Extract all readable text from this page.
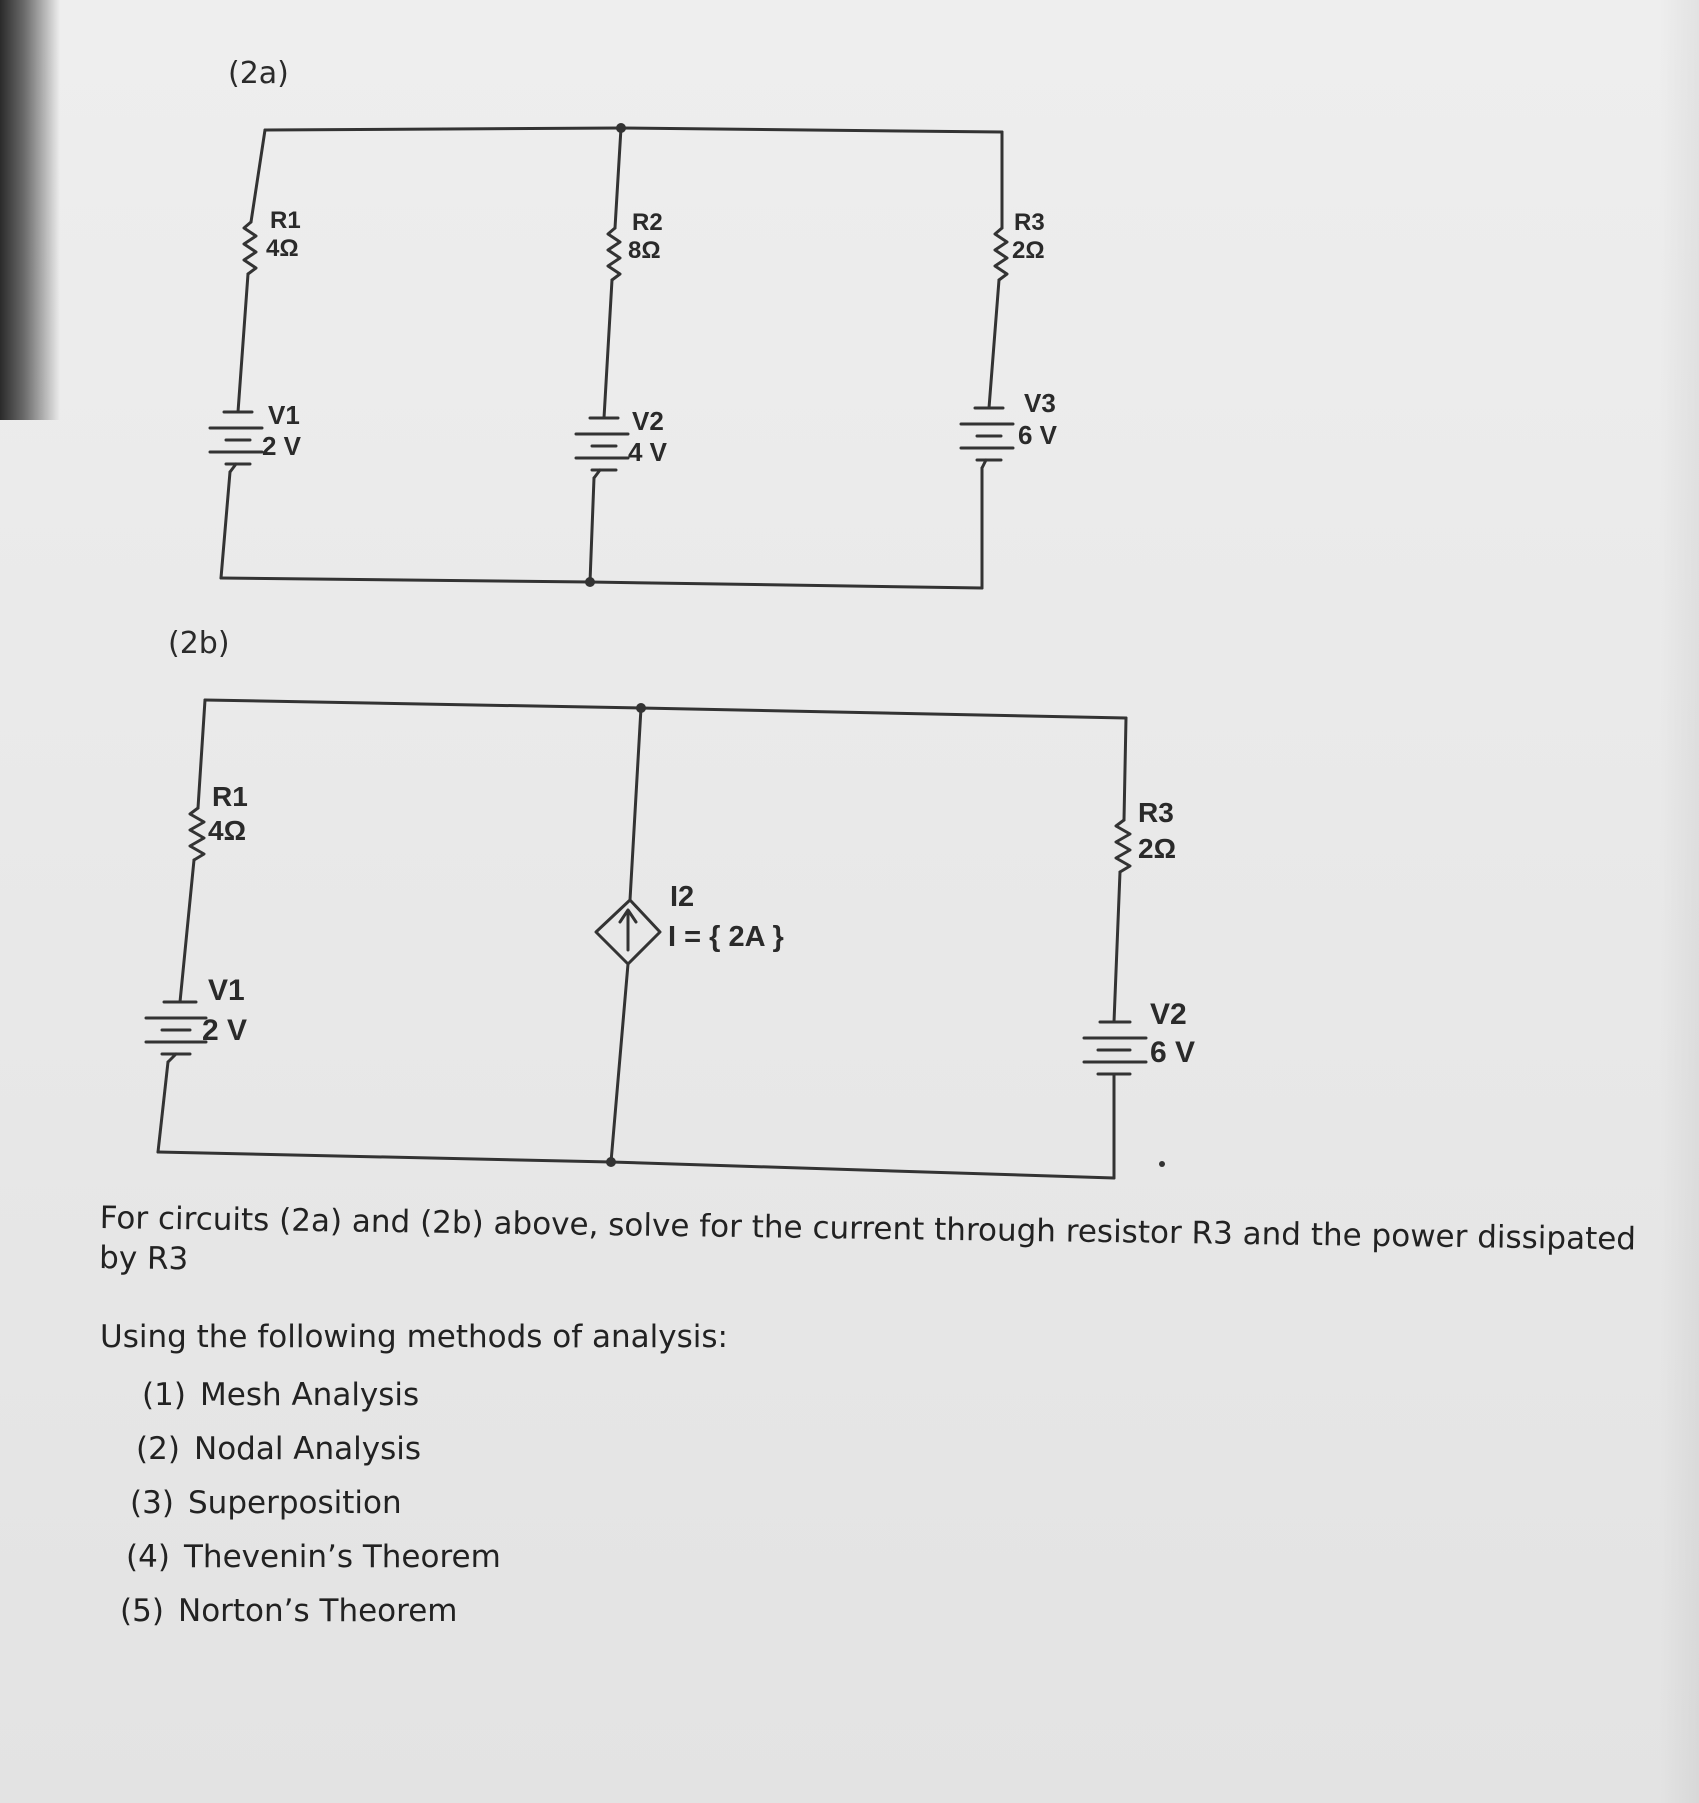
(2a)
(2b)
R1
4Ω
R2
8Ω
R3
2Ω
V1
2 V
V2
4 V
V3
6 V
R1
4Ω
R3
2Ω
V1
2 V	V2
6 V
I2
I = { 2A }

For circuits (2a) and (2b) above, solve for the current through resistor R3 and the power dissipated by R3

Using the following methods of analysis:

(1) Mesh Analysis
(2) Nodal Analysis
(3) Superposition
(4) Thevenin’s Theorem
(5) Norton’s Theorem
